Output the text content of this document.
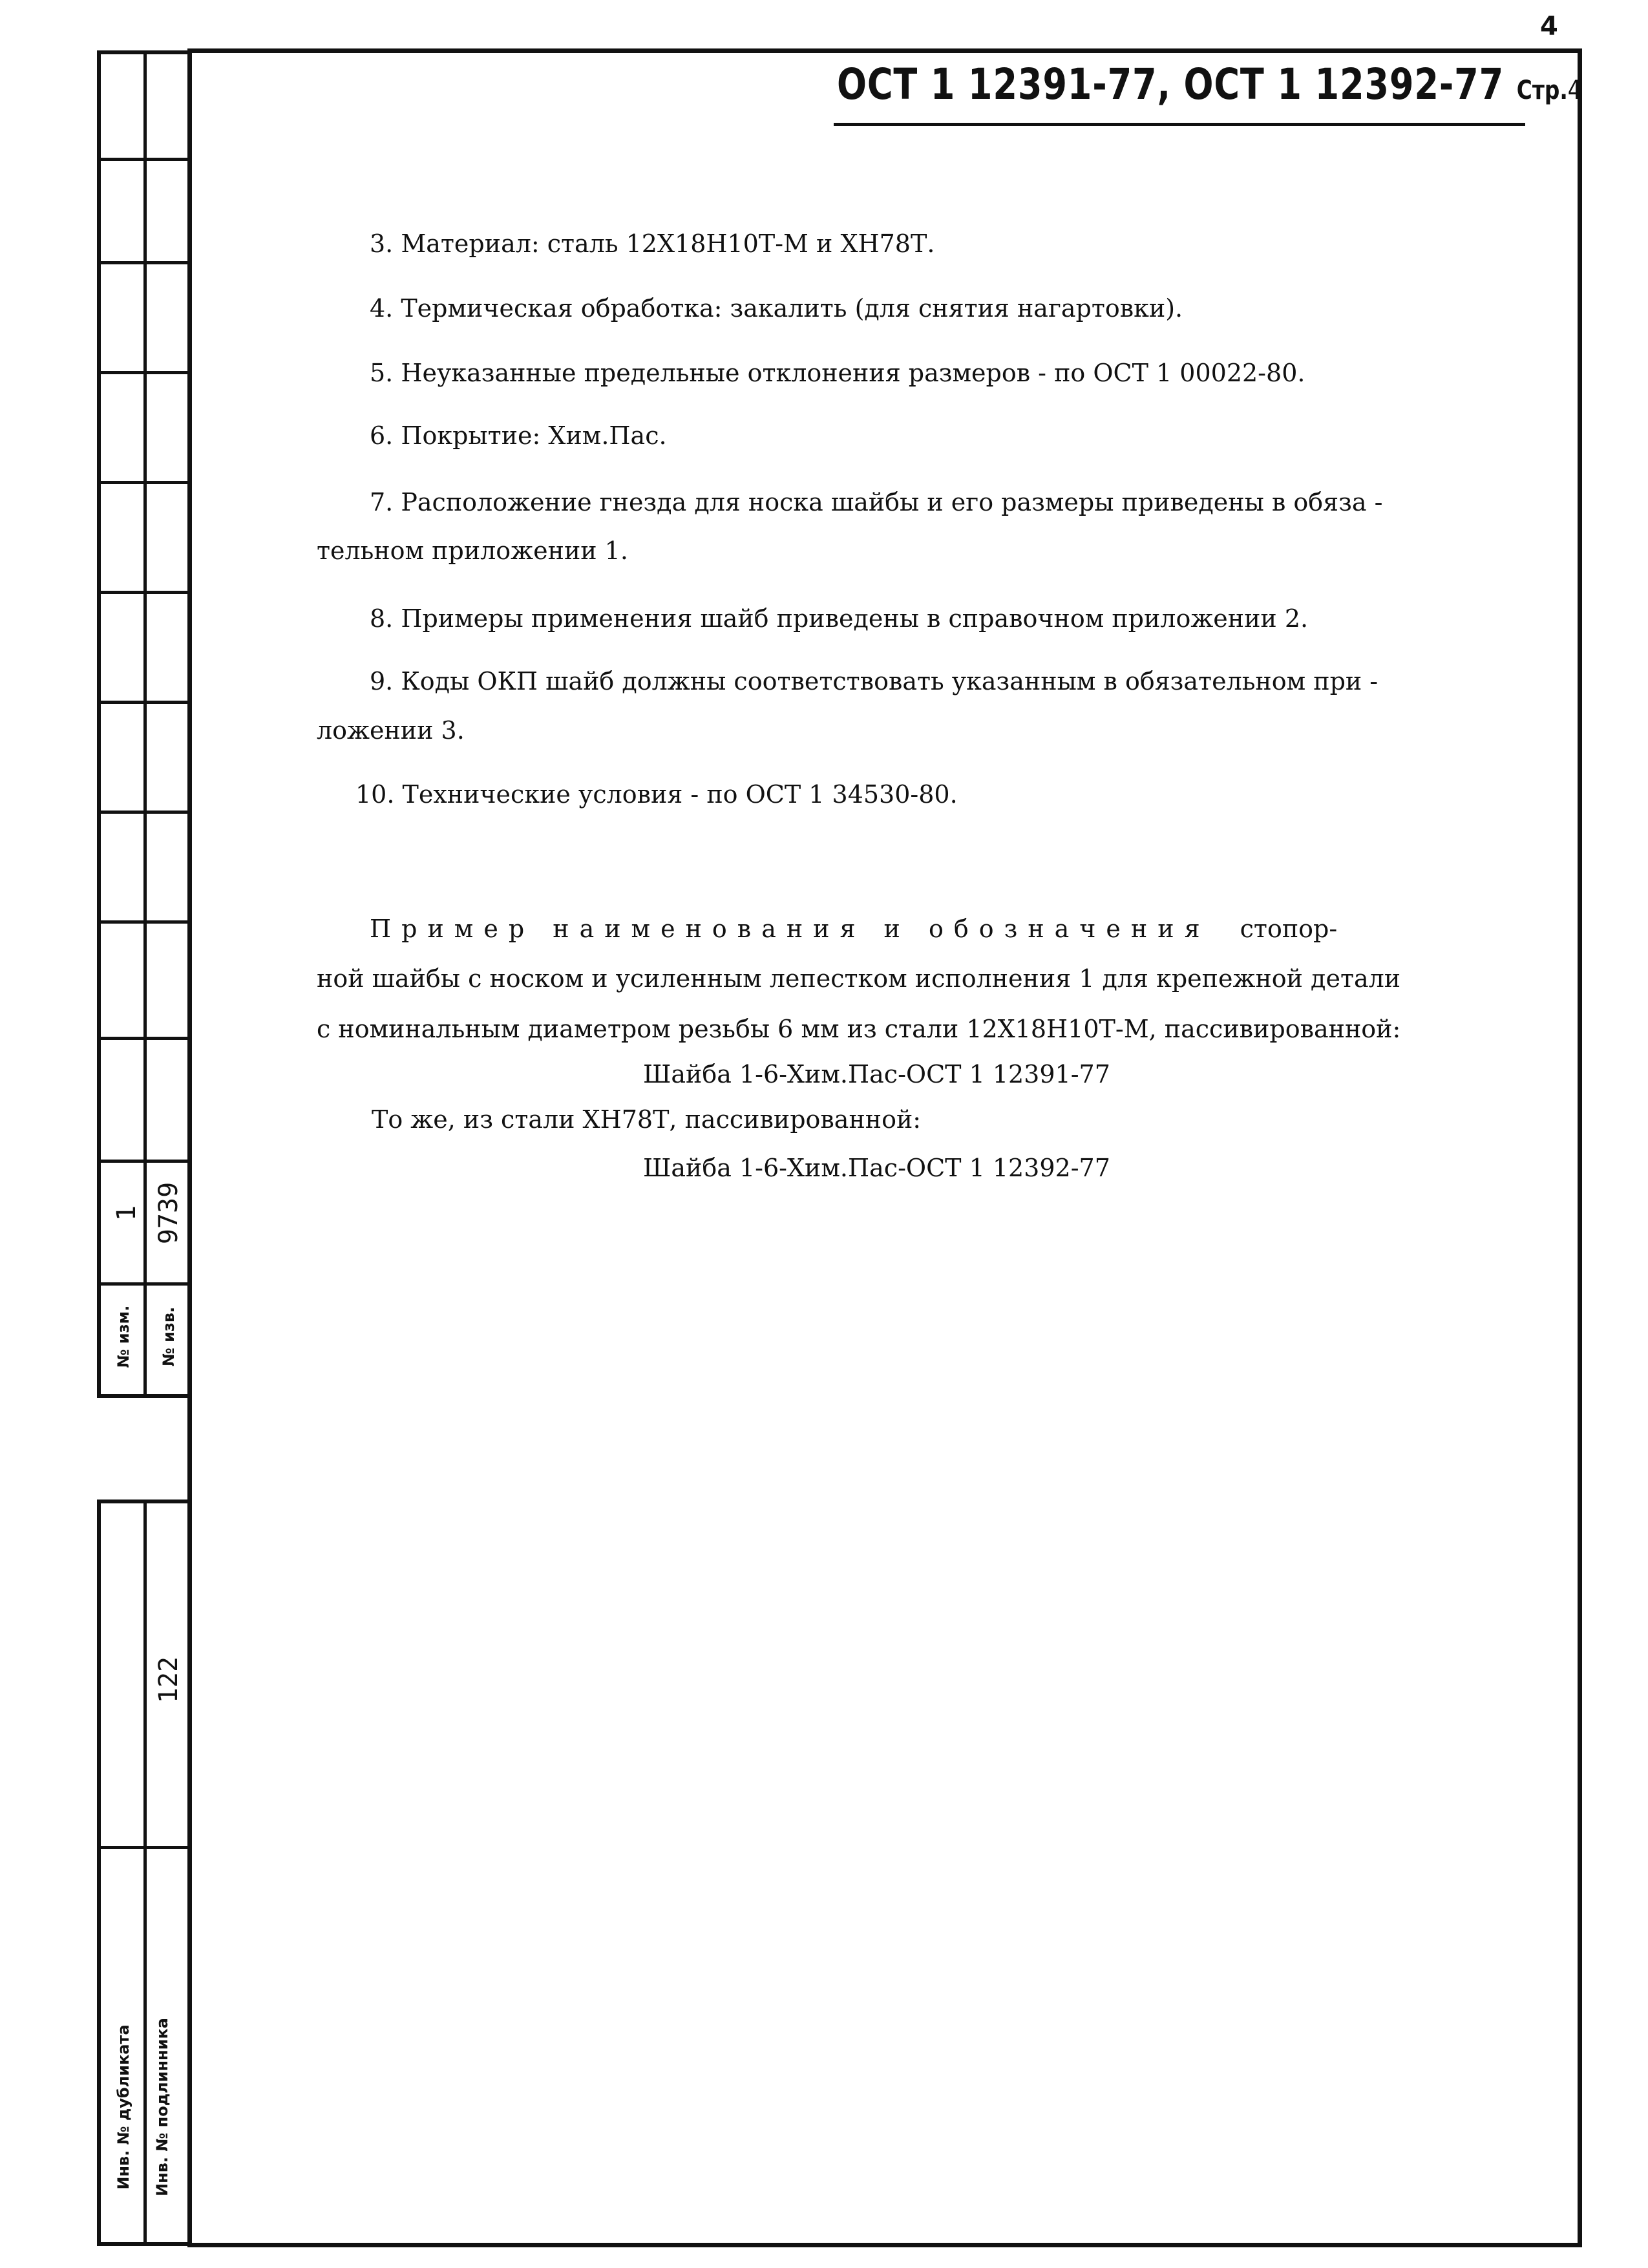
4
1 9739
№ изм. № изв.
122
Инв. № дубликата Инв. № подлинника
ОСТ 1 12391-77, ОСТ 1 12392-77 Стр.4
3. Материал: сталь 12Х18Н10Т-М и ХН78Т.
4. Термическая обработка: закалить (для снятия нагартовки).
5. Неуказанные предельные отклонения размеров - по ОСТ 1 00022-80.
6. Покрытие: Хим.Пас.
7. Расположение гнезда для носка шайбы и его размеры приведены в обяза -
тельном приложении 1.
8. Примеры применения шайб приведены в справочном приложении 2.
9. Коды ОКП шайб должны соответствовать указанным в обязательном при -
ложении 3.
10. Технические условия - по ОСТ 1 34530-80.
Пример наименования и обозначения стопор-
ной шайбы с носком и усиленным лепестком исполнения 1 для крепежной детали
с номинальным диаметром резьбы 6 мм из стали 12Х18Н10Т-М, пассивированной:
Шайба 1-6-Хим.Пас-ОСТ 1 12391-77
То же, из стали ХН78Т, пассивированной:
Шайба 1-6-Хим.Пас-ОСТ 1 12392-77
